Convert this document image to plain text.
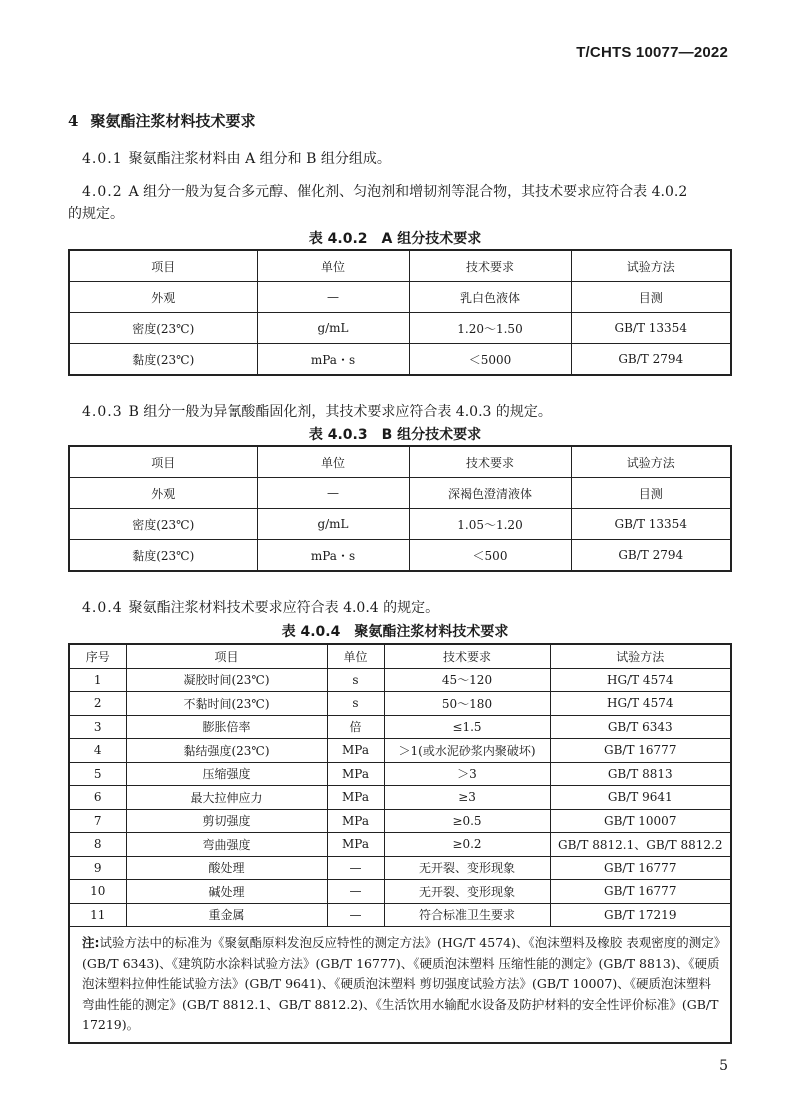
T/CHTS 10077—2022
4 聚氨酯注浆材料技术要求
4.0.1 聚氨酯注浆材料由 A 组分和 B 组分组成。
4.0.2 A 组分一般为复合多元醇、催化剂、匀泡剂和增韧剂等混合物，其技术要求应符合表 4.0.2
的规定。
表 4.0.2　A 组分技术要求
项目	单位	技术要求	试验方法
外观	—	乳白色液体	目测
密度(23℃)	g/mL	1.20～1.50	GB/T 13354
黏度(23℃)	mPa・s	＜5000	GB/T 2794
4.0.3 B 组分一般为异氰酸酯固化剂，其技术要求应符合表 4.0.3 的规定。
表 4.0.3　B 组分技术要求
项目	单位	技术要求	试验方法
外观	—	深褐色澄清液体	目测
密度(23℃)	g/mL	1.05～1.20	GB/T 13354
黏度(23℃)	mPa・s	＜500	GB/T 2794
4.0.4 聚氨酯注浆材料技术要求应符合表 4.0.4 的规定。
表 4.0.4　聚氨酯注浆材料技术要求
序号	项目	单位	技术要求	试验方法
1	凝胶时间(23℃)	s	45～120	HG/T 4574
2	不黏时间(23℃)	s	50～180	HG/T 4574
3	膨胀倍率	倍	≤1.5	GB/T 6343
4	黏结强度(23℃)	MPa	＞1(或水泥砂浆内聚破坏)	GB/T 16777
5	压缩强度	MPa	＞3	GB/T 8813
6	最大拉伸应力	MPa	≥3	GB/T 9641
7	剪切强度	MPa	≥0.5	GB/T 10007
8	弯曲强度	MPa	≥0.2	GB/T 8812.1、GB/T 8812.2
9	酸处理	—	无开裂、变形现象	GB/T 16777
10	碱处理	—	无开裂、变形现象	GB/T 16777
11	重金属	—	符合标准卫生要求	GB/T 17219
注:试验方法中的标准为《聚氨酯原料发泡反应特性的测定方法》(HG/T 4574)、《泡沫塑料及橡胶 表观密度的测定》(GB/T 6343)、《建筑防水涂料试验方法》(GB/T 16777)、《硬质泡沫塑料 压缩性能的测定》(GB/T 8813)、《硬质泡沫塑料拉伸性能试验方法》(GB/T 9641)、《硬质泡沫塑料 剪切强度试验方法》(GB/T 10007)、《硬质泡沫塑料 弯曲性能的测定》(GB/T 8812.1、GB/T 8812.2)、《生活饮用水输配水设备及防护材料的安全性评价标准》(GB/T 17219)。				
5
